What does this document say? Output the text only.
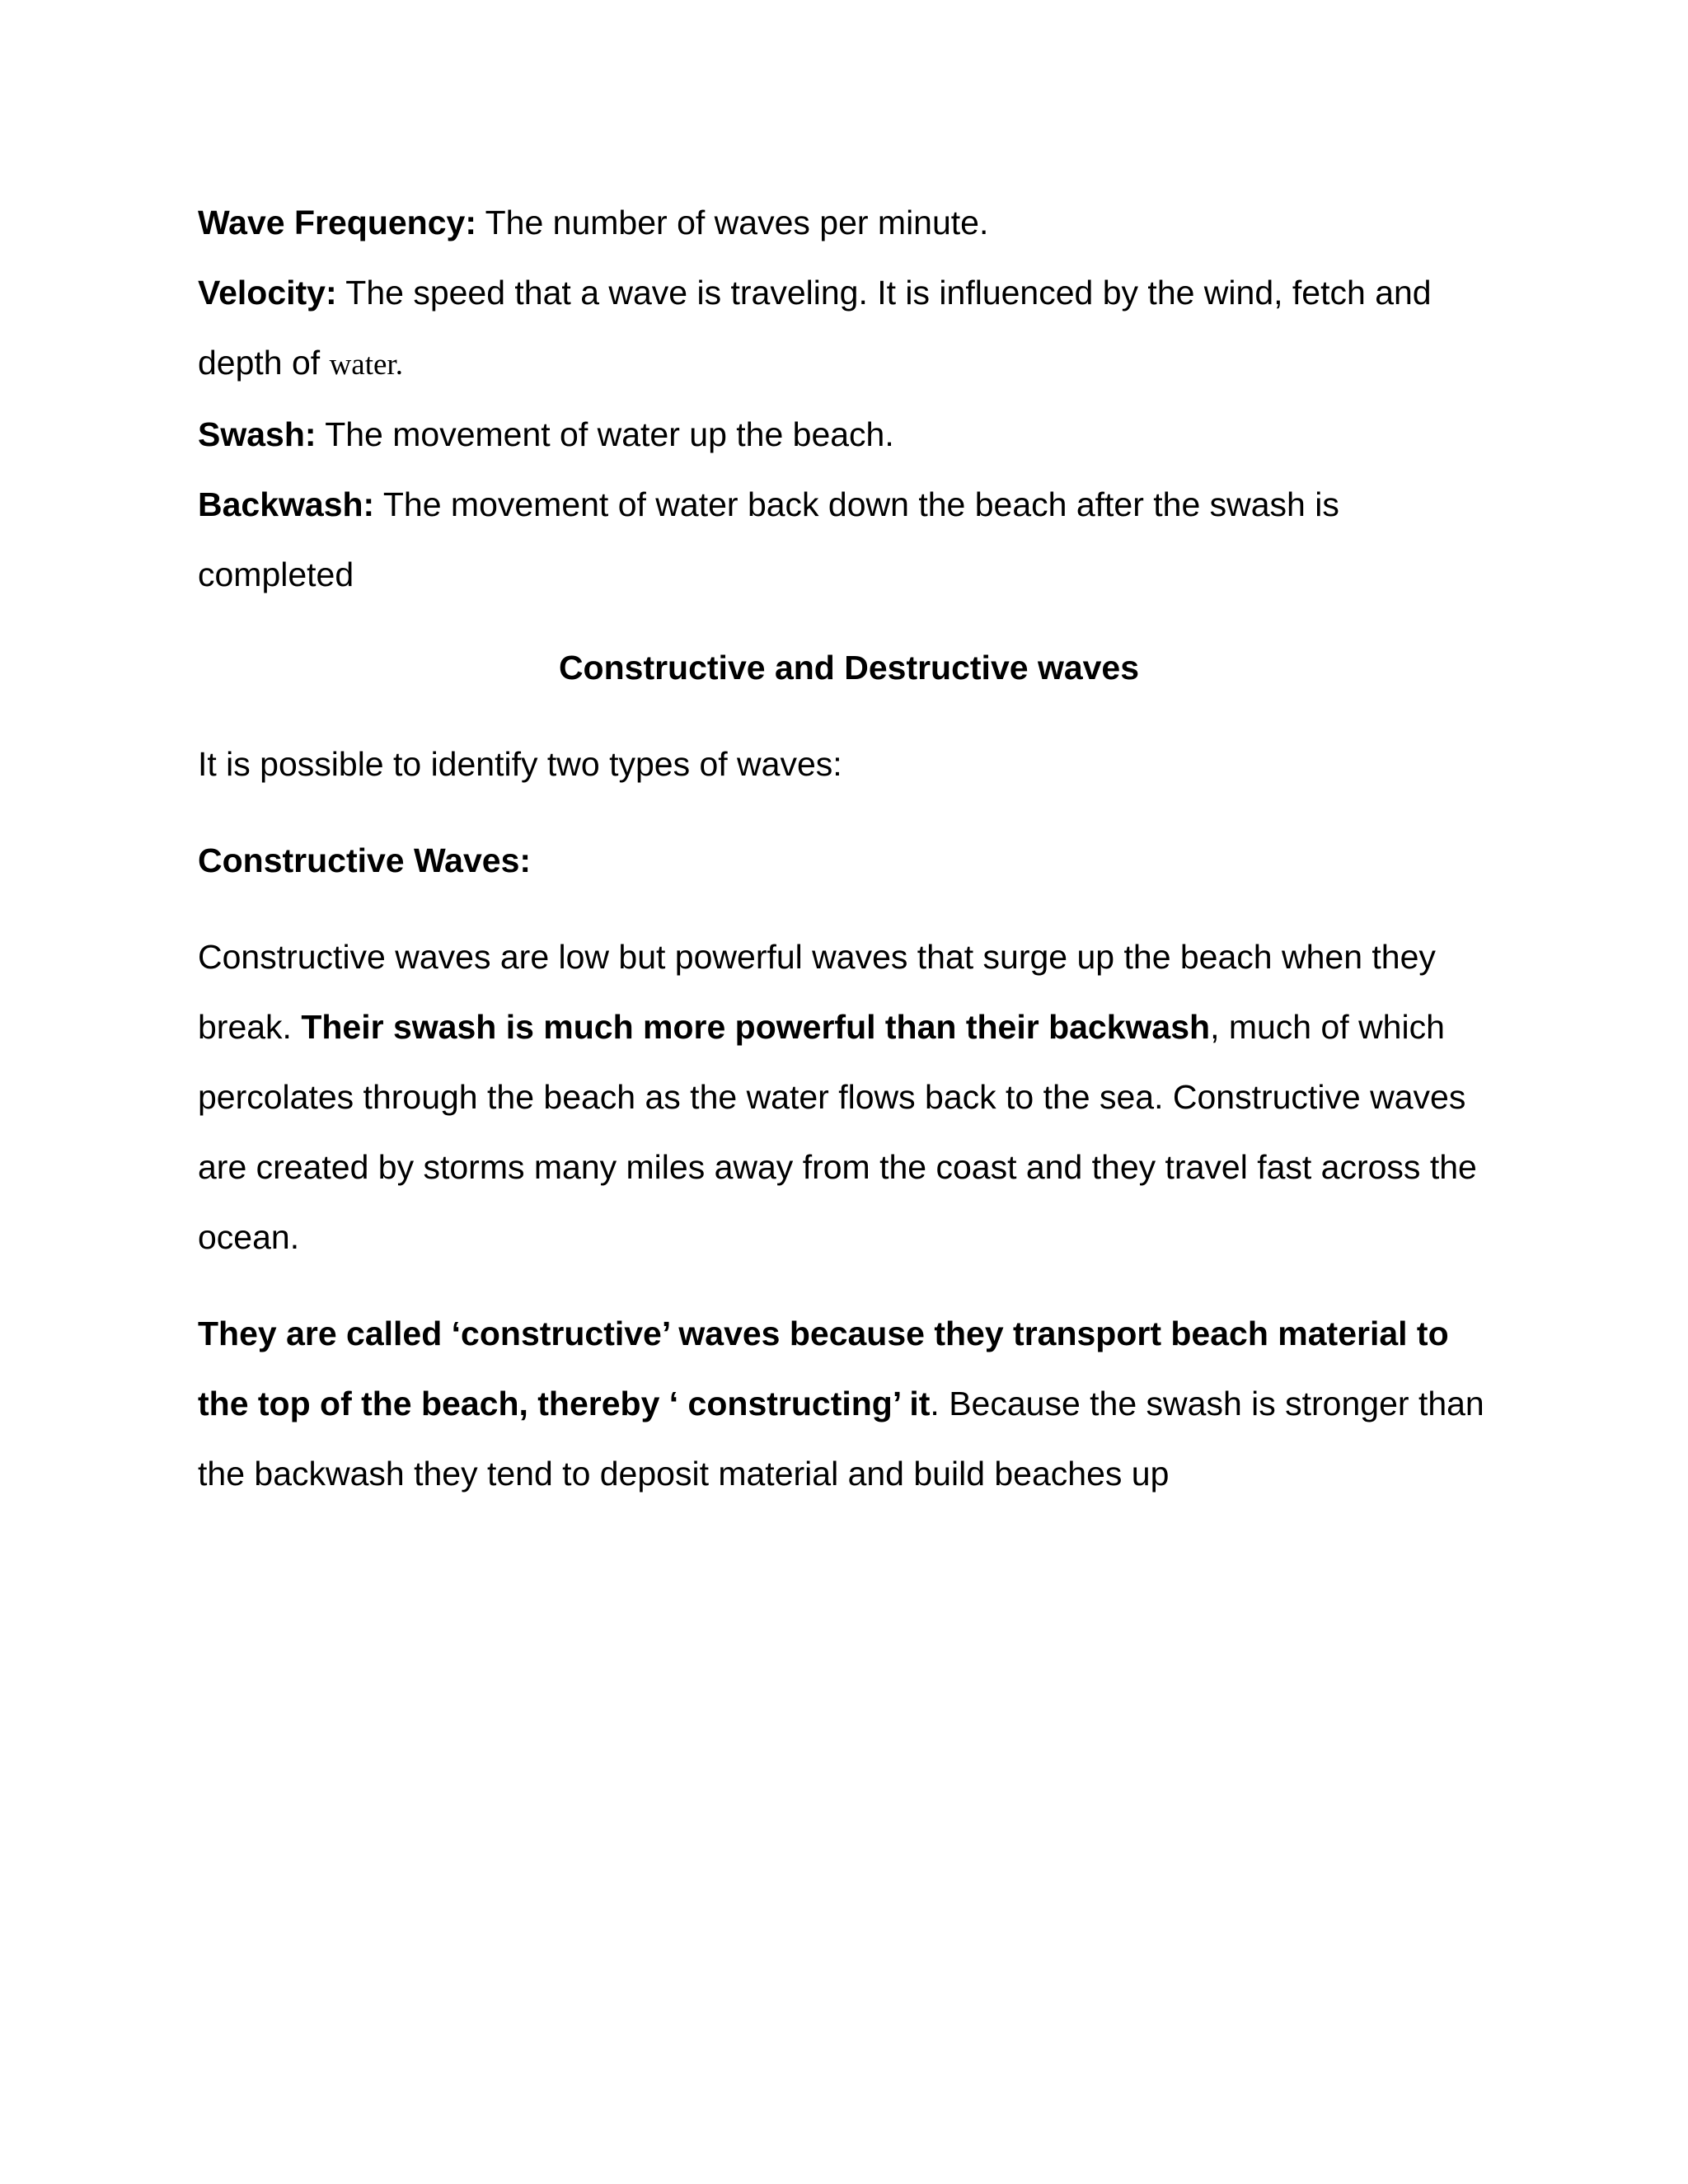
Wave Frequency: The number of waves per minute.

Velocity: The speed that a wave is traveling. It is influenced by the wind, fetch and depth of water.

Swash: The movement of water up the beach.

Backwash: The movement of water back down the beach after the swash is completed

Constructive and Destructive waves

It is possible to identify two types of waves:

Constructive Waves:

Constructive waves are low but powerful waves that surge up the beach when they break. Their swash is much more powerful than their backwash, much of which percolates through the beach as the water flows back to the sea. Constructive waves are created by storms many miles away from the coast and they travel fast across the ocean.

They are called ‘constructive’ waves because they transport beach material to the top of the beach, thereby ‘ constructing’ it. Because the swash is stronger than the backwash they tend to deposit material and build beaches up
